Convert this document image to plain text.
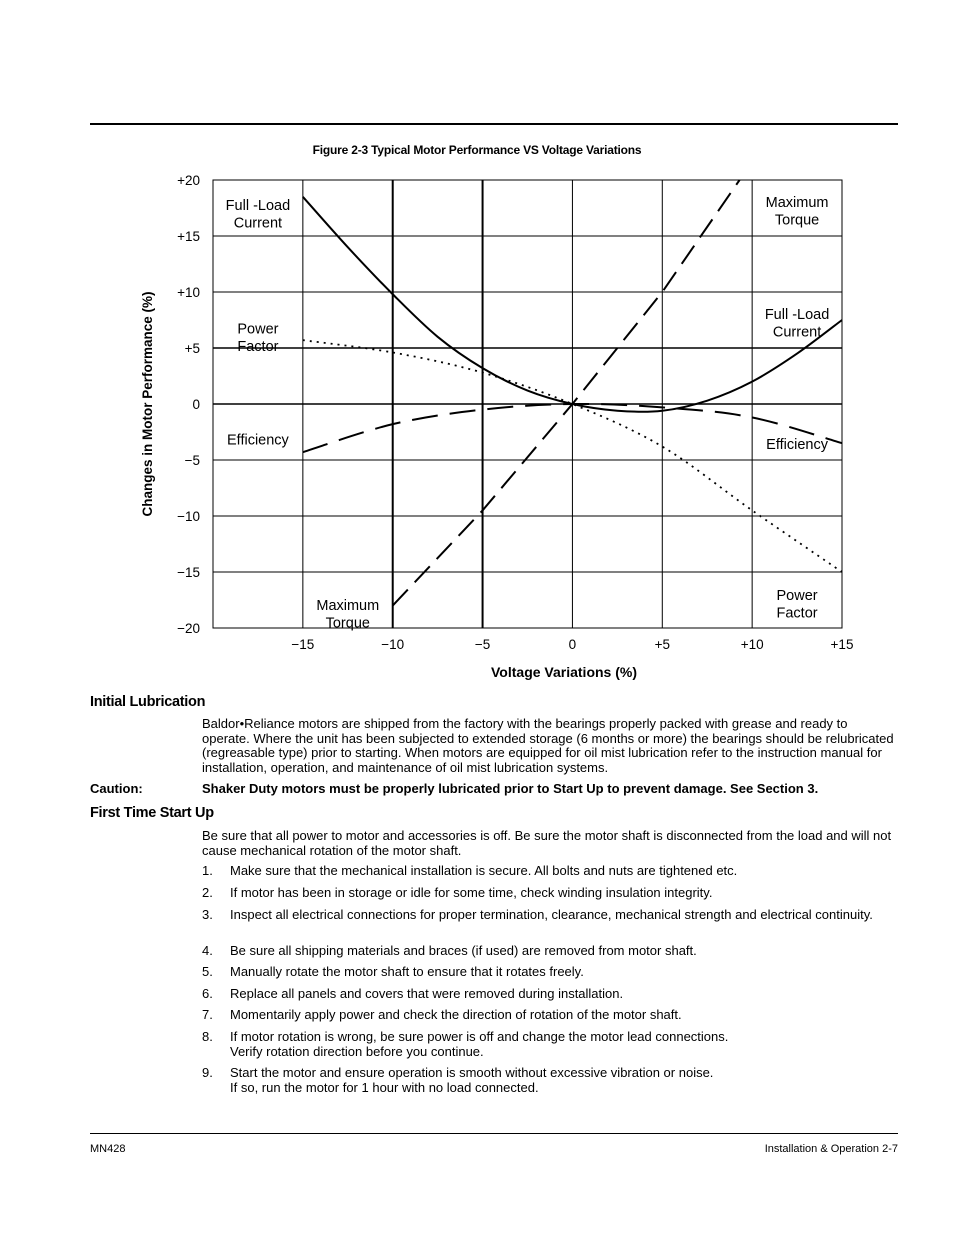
Figure 2-3 Typical Motor Performance VS Voltage Variations
+20
+15
+10
+5
0
−5
−10
−15
−20
−15	−10	−5	0	+5	+10	+15
Full -Load Current
Power Factor
Efficiency
Maximum Torque
Maximum Torque
Full -Load Current
Efficiency
Power Factor
Changes in Motor Performance (%)
Voltage Variations (%)
Initial Lubrication
Baldor•Reliance motors are shipped from the factory with the bearings properly packed with grease and ready to operate. Where the unit has been subjected to extended storage (6 months or more) the bearings should be relubricated (regreasable type) prior to starting. When motors are equipped for oil mist lubrication refer to the instruction manual for installation, operation, and maintenance of oil mist lubrication systems.
Caution:	Shaker Duty motors must be properly lubricated prior to Start Up to prevent damage. See Section 3.
First Time Start Up
Be sure that all power to motor and accessories is off. Be sure the motor shaft is disconnected from the load and will not cause mechanical rotation of the motor shaft.
1. Make sure that the mechanical installation is secure. All bolts and nuts are tightened etc.
2. If motor has been in storage or idle for some time, check winding insulation integrity.
3. Inspect all electrical connections for proper termination, clearance, mechanical strength and electrical continuity.
4. Be sure all shipping materials and braces (if used) are removed from motor shaft.
5. Manually rotate the motor shaft to ensure that it rotates freely.
6. Replace all panels and covers that were removed during installation.
7. Momentarily apply power and check the direction of rotation of the motor shaft.
8. If motor rotation is wrong, be sure power is off and change the motor lead connections.
Verify rotation direction before you continue.
9. Start the motor and ensure operation is smooth without excessive vibration or noise.
If so, run the motor for 1 hour with no load connected.
MN428	Installation & Operation 2-7
